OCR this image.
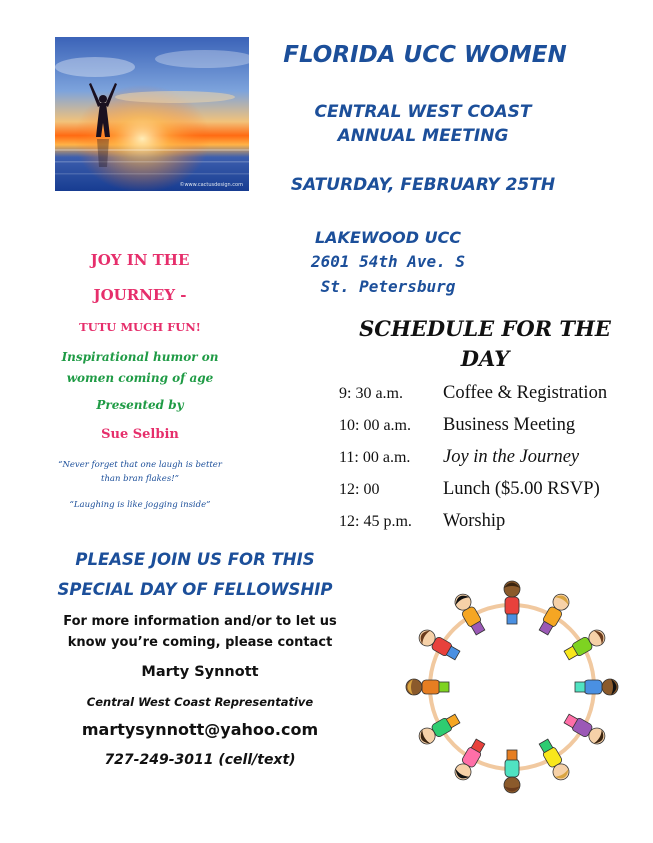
©www.cactusdesign.com
FLORIDA UCC WOMEN
CENTRAL WEST COAST
ANNUAL MEETING
SATURDAY, FEBRUARY 25TH
LAKEWOOD UCC
2601 54th Ave. S
St. Petersburg
JOY IN THE
JOURNEY -
TUTU MUCH FUN!
Inspirational humor on
women coming of age
Presented by
Sue Selbin
“Never forget that one laugh is better
than bran flakes!”
“Laughing is like jogging inside”
SCHEDULE FOR THE
DAY
9: 30 a.m. Coffee & Registration
10: 00 a.m. Business Meeting
11: 00 a.m. Joy in the Journey
12: 00	Lunch ($5.00 RSVP)
12: 45 p.m. Worship
PLEASE JOIN US FOR THIS
SPECIAL DAY OF FELLOWSHIP
For more information and/or to let us
know you’re coming, please contact
Marty Synnott
Central West Coast Representative
martysynnott@yahoo.com
727-249-3011 (cell/text)
